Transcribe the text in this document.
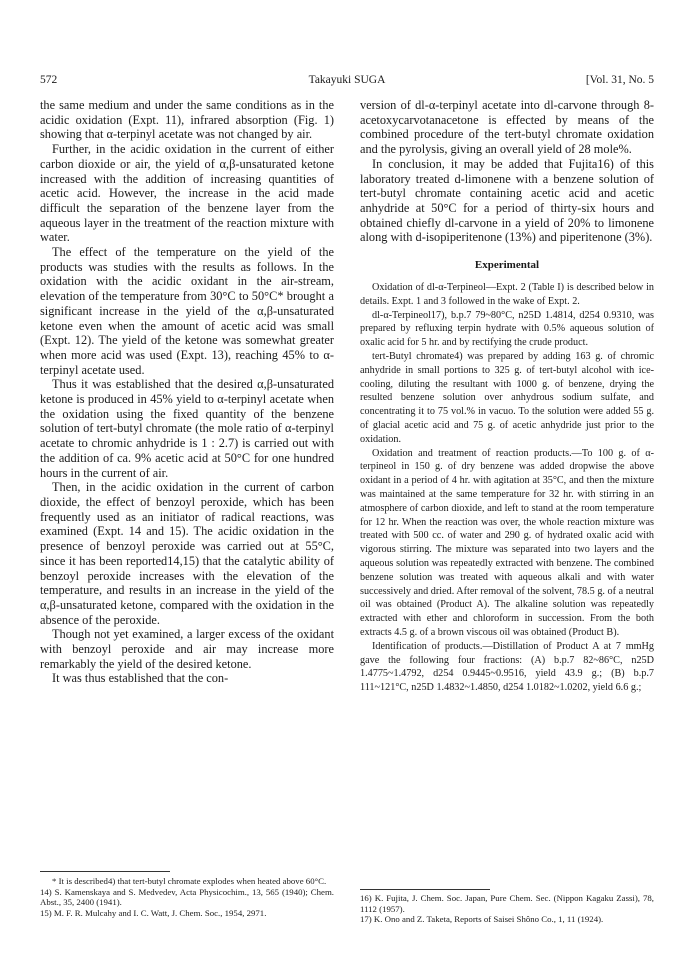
572	Takayuki SUGA	[Vol. 31, No. 5

the same medium and under the same conditions as in the acidic oxidation (Expt. 11), infrared absorption (Fig. 1) showing that α-terpinyl acetate was not changed by air.

Further, in the acidic oxidation in the current of either carbon dioxide or air, the yield of α,β-unsaturated ketone increased with the addition of increasing quantities of acetic acid. However, the increase in the acid made difficult the separation of the benzene layer from the aqueous layer in the treatment of the reaction mixture with water.

The effect of the temperature on the yield of the products was studies with the results as follows. In the oxidation with the acidic oxidant in the air-stream, elevation of the temperature from 30°C to 50°C* brought a significant increase in the yield of the α,β-unsaturated ketone even when the amount of acetic acid was small (Expt. 12). The yield of the ketone was somewhat greater when more acid was used (Expt. 13), reaching 45% to α-terpinyl acetate used.

Thus it was established that the desired α,β-unsaturated ketone is produced in 45% yield to α-terpinyl acetate when the oxidation using the fixed quantity of the benzene solution of tert-butyl chromate (the mole ratio of α-terpinyl acetate to chromic anhydride is 1 : 2.7) is carried out with the addition of ca. 9% acetic acid at 50°C for one hundred hours in the current of air.

Then, in the acidic oxidation in the current of carbon dioxide, the effect of benzoyl peroxide, which has been frequently used as an initiator of radical reactions, was examined (Expt. 14 and 15). The acidic oxidation in the presence of benzoyl peroxide was carried out at 55°C, since it has been reported14,15) that the catalytic ability of benzoyl peroxide increases with the elevation of the temperature, and results in an increase in the yield of the α,β-unsaturated ketone, compared with the oxidation in the absence of the peroxide.

Though not yet examined, a larger excess of the oxidant with benzoyl peroxide and air may increase more remarkably the yield of the desired ketone.

It was thus established that the con-

* It is described4) that tert-butyl chromate explodes when heated above 60°C.

14) S. Kamenskaya and S. Medvedev, Acta Physicochim., 13, 565 (1940); Chem. Abst., 35, 2400 (1941).

15) M. F. R. Mulcahy and I. C. Watt, J. Chem. Soc., 1954, 2971.

version of dl-α-terpinyl acetate into dl-carvone through 8-acetoxycarvotanacetone is effected by means of the combined procedure of the tert-butyl chromate oxidation and the pyrolysis, giving an overall yield of 28 mole%.

In conclusion, it may be added that Fujita16) of this laboratory treated d-limonene with a benzene solution of tert-butyl chromate containing acetic acid and acetic anhydride at 50°C for a period of thirty-six hours and obtained chiefly dl-carvone in a yield of 20% to limonene along with d-isopiperitenone (13%) and piperitenone (3%).

Experimental

Oxidation of dl-α-Terpineol—Expt. 2 (Table I) is described below in details. Expt. 1 and 3 followed in the wake of Expt. 2.

dl-α-Terpineol17), b.p.7 79~80°C, n25D 1.4814, d254 0.9310, was prepared by refluxing terpin hydrate with 0.5% aqueous solution of oxalic acid for 5 hr. and by rectifying the crude product.

tert-Butyl chromate4) was prepared by adding 163 g. of chromic anhydride in small portions to 325 g. of tert-butyl alcohol with ice-cooling, diluting the resultant with 1000 g. of benzene, drying the resulted benzene solution over anhydrous sodium sulfate, and concentrating it to 75 vol.% in vacuo. To the solution were added 55 g. of glacial acetic acid and 75 g. of acetic anhydride just prior to the oxidation.

Oxidation and treatment of reaction products.—To 100 g. of α-terpineol in 150 g. of dry benzene was added dropwise the above oxidant in a period of 4 hr. with agitation at 35°C, and then the mixture was maintained at the same temperature for 32 hr. with stirring in an atmosphere of carbon dioxide, and left to stand at the room temperature for 12 hr. When the reaction was over, the whole reaction mixture was treated with 500 cc. of water and 290 g. of hydrated oxalic acid with vigorous stirring. The mixture was separated into two layers and the aqueous solution was repeatedly extracted with benzene. The combined benzene solution was treated with aqueous alkali and with water successively and dried. After removal of the solvent, 78.5 g. of a neutral oil was obtained (Product A). The alkaline solution was repeatedly extracted with ether and chloroform in succession. From the both extracts 4.5 g. of a brown viscous oil was obtained (Product B).

Identification of products.—Distillation of Product A at 7 mmHg gave the following four fractions: (A) b.p.7 82~86°C, n25D 1.4775~1.4792, d254 0.9445~0.9516, yield 43.9 g.; (B) b.p.7 111~121°C, n25D 1.4832~1.4850, d254 1.0182~1.0202, yield 6.6 g.;

16) K. Fujita, J. Chem. Soc. Japan, Pure Chem. Sec. (Nippon Kagaku Zassi), 78, 1112 (1957).

17) K. Ono and Z. Taketa, Reports of Saisei Shôno Co., 1, 11 (1924).
